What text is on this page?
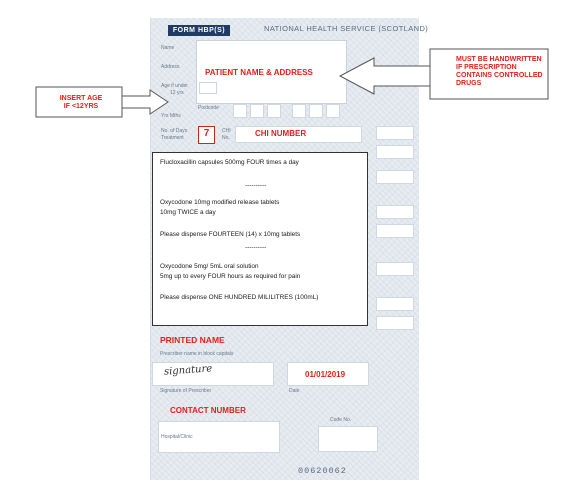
FORM HBP(S)	NATIONAL HEALTH SERVICE (SCOTLAND)
Name
Address
Age if under
12 yrs
Yrs Mths
No. of Days
Treatment
CHI
No.
PATIENT NAME & ADDRESS
Postcode
7	CHI NUMBER
Flucloxacillin capsules 500mg FOUR times a day
----------
Oxycodone 10mg modified release tablets
10mg TWICE a day
Please dispense FOURTEEN (14) x 10mg tablets
----------
Oxycodone 5mg/ 5mL oral solution
5mg up to every FOUR hours as required for pain
Please dispense ONE HUNDRED MILILITRES (100mL)
PRINTED NAME
Prescriber name in block capitals
signature	01/01/2019
Signature of Prescriber	Date
CONTACT NUMBER
Hospital/Clinic
Code No.
00620062
INSERT AGE
IF <12YRS
MUST BE HANDWRITTEN
IF PRESCRIPTION
CONTAINS CONTROLLED
DRUGS
